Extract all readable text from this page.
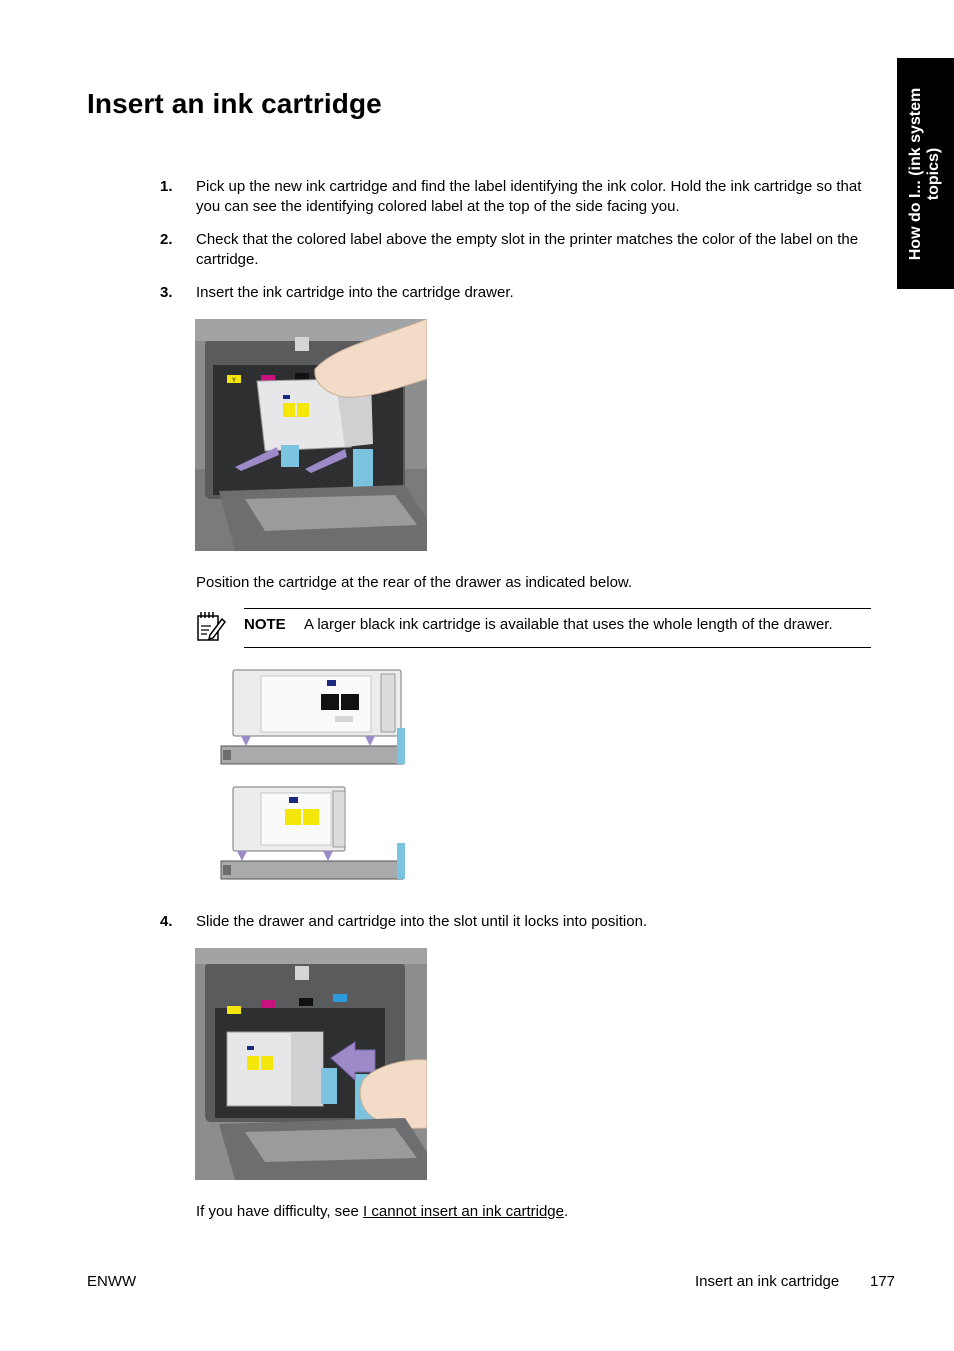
Insert an ink cartridge	How do I... (ink system topics)
1. Pick up the new ink cartridge and find the label identifying the ink color. Hold the ink cartridge so that you can see the identifying colored label at the top of the side facing you.
2. Check that the colored label above the empty slot in the printer matches the color of the label on the cartridge.
3. Insert the ink cartridge into the cartridge drawer.
Y
Position the cartridge at the rear of the drawer as indicated below.
NOTE A larger black ink cartridge is available that uses the whole length of the drawer.
4. Slide the drawer and cartridge into the slot until it locks into position.
If you have difficulty, see I cannot insert an ink cartridge.
ENWW	Insert an ink cartridge 177
